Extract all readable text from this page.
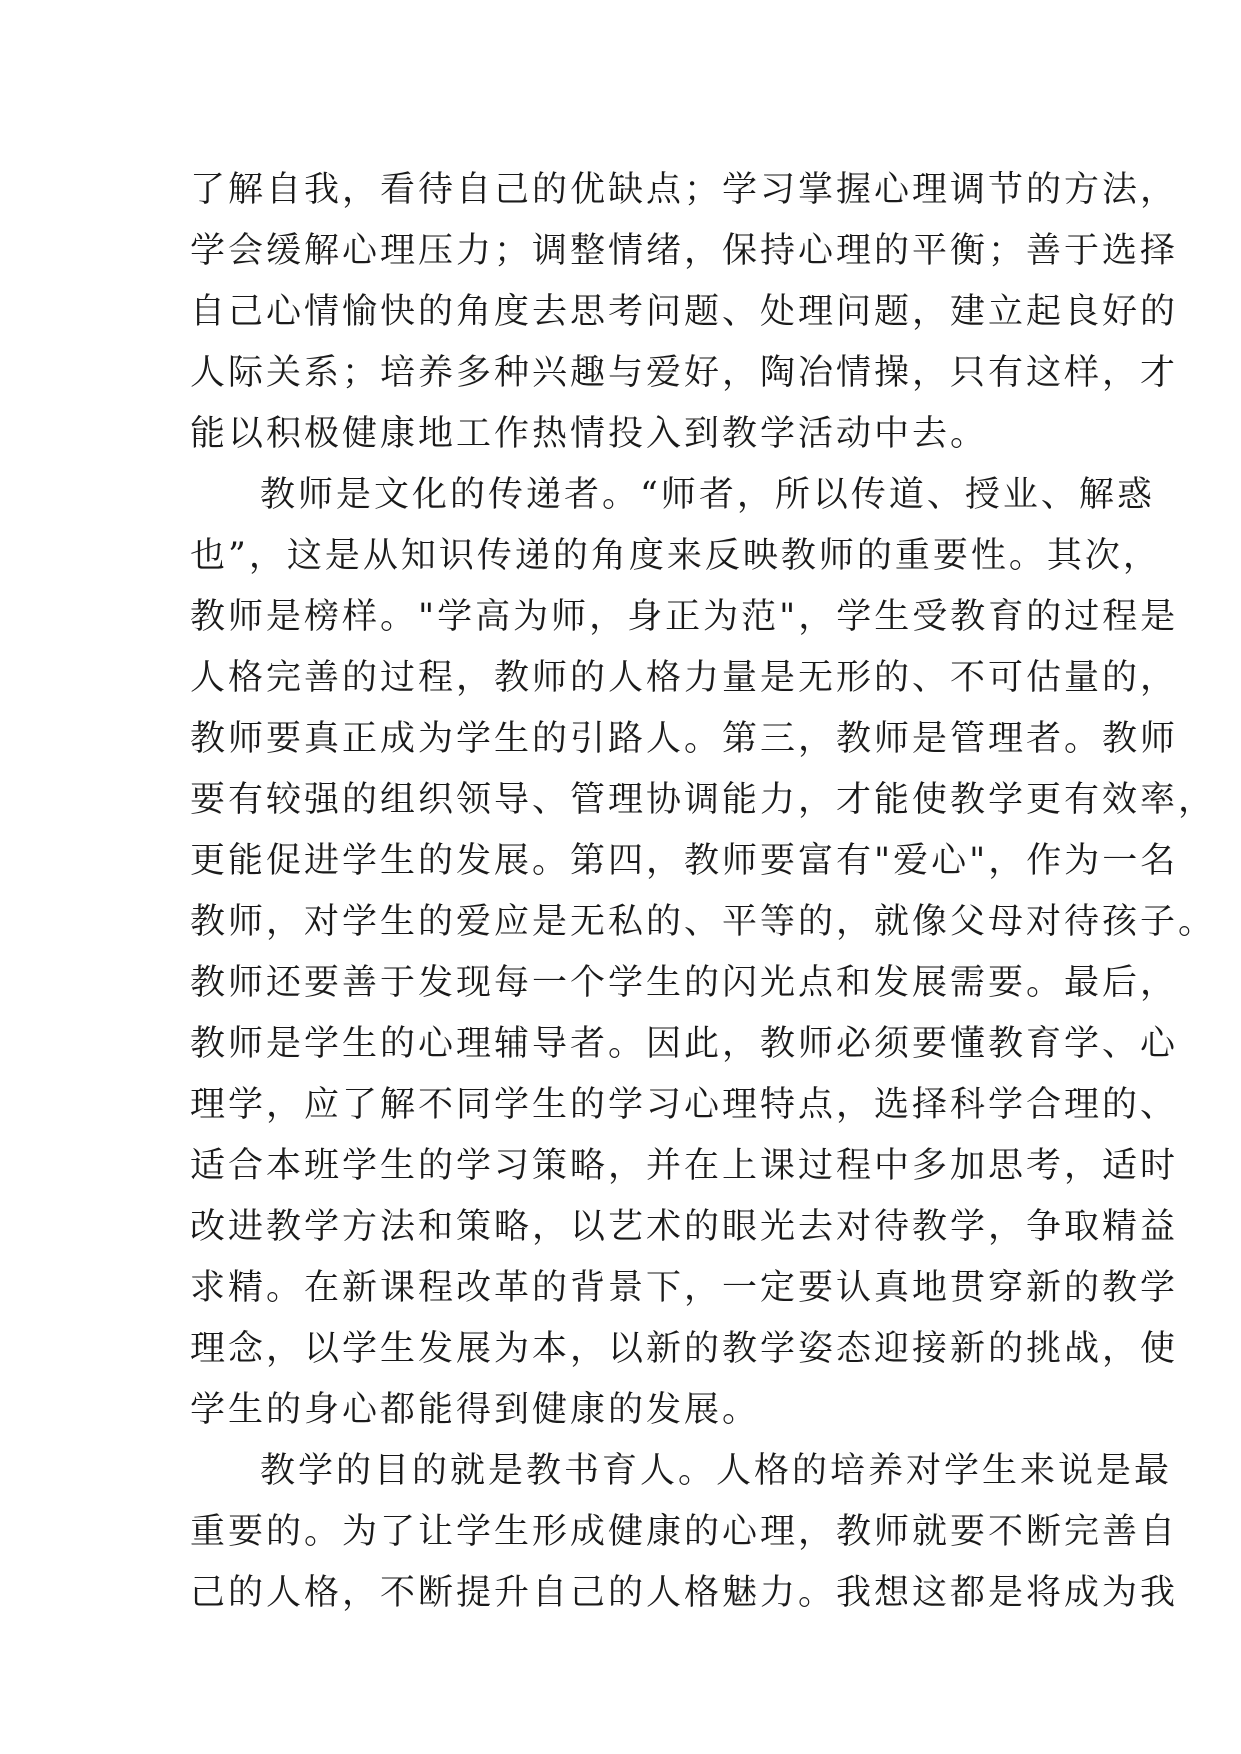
了解自我，看待自己的优缺点；学习掌握心理调节的方法，
学会缓解心理压力；调整情绪，保持心理的平衡；善于选择
自己心情愉快的角度去思考问题、处理问题，建立起良好的
人际关系；培养多种兴趣与爱好，陶冶情操，只有这样，才
能以积极健康地工作热情投入到教学活动中去。
教师是文化的传递者。“师者，所以传道、授业、解惑
也”，这是从知识传递的角度来反映教师的重要性。其次，
教师是榜样。"学高为师，身正为范"，学生受教育的过程是
人格完善的过程，教师的人格力量是无形的、不可估量的，
教师要真正成为学生的引路人。第三，教师是管理者。教师
要有较强的组织领导、管理协调能力，才能使教学更有效率，
更能促进学生的发展。第四，教师要富有"爱心"，作为一名
教师，对学生的爱应是无私的、平等的，就像父母对待孩子。
教师还要善于发现每一个学生的闪光点和发展需要。最后，
教师是学生的心理辅导者。因此，教师必须要懂教育学、心
理学，应了解不同学生的学习心理特点，选择科学合理的、
适合本班学生的学习策略，并在上课过程中多加思考，适时
改进教学方法和策略，以艺术的眼光去对待教学，争取精益
求精。在新课程改革的背景下，一定要认真地贯穿新的教学
理念，以学生发展为本，以新的教学姿态迎接新的挑战，使
学生的身心都能得到健康的发展。
教学的目的就是教书育人。人格的培养对学生来说是最
重要的。为了让学生形成健康的心理，教师就要不断完善自
己的人格，不断提升自己的人格魅力。我想这都是将成为我
